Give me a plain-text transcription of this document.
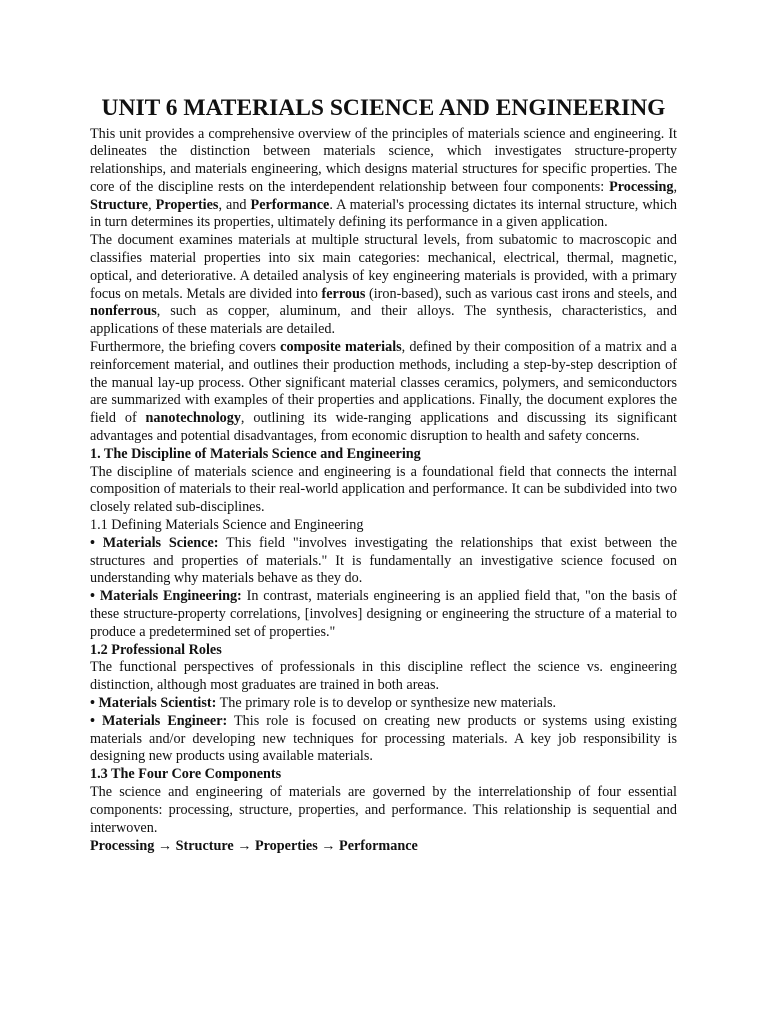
UNIT 6 MATERIALS SCIENCE AND ENGINEERING

This unit provides a comprehensive overview of the principles of materials science and engineering. It delineates the distinction between materials science, which investigates structure-property relationships, and materials engineering, which designs material structures for specific properties. The core of the discipline rests on the interdependent relationship between four components: Processing, Structure, Properties, and Performance. A material's processing dictates its internal structure, which in turn determines its properties, ultimately defining its performance in a given application.

The document examines materials at multiple structural levels, from subatomic to macroscopic and classifies material properties into six main categories: mechanical, electrical, thermal, magnetic, optical, and deteriorative. A detailed analysis of key engineering materials is provided, with a primary focus on metals. Metals are divided into ferrous (iron-based), such as various cast irons and steels, and nonferrous, such as copper, aluminum, and their alloys. The synthesis, characteristics, and applications of these materials are detailed.

Furthermore, the briefing covers composite materials, defined by their composition of a matrix and a reinforcement material, and outlines their production methods, including a step-by-step description of the manual lay-up process. Other significant material classes ceramics, polymers, and semiconductors are summarized with examples of their properties and applications. Finally, the document explores the field of nanotechnology, outlining its wide-ranging applications and discussing its significant advantages and potential disadvantages, from economic disruption to health and safety concerns.

1. The Discipline of Materials Science and Engineering

The discipline of materials science and engineering is a foundational field that connects the internal composition of materials to their real-world application and performance. It can be subdivided into two closely related sub-disciplines.

1.1 Defining Materials Science and Engineering

• Materials Science: This field "involves investigating the relationships that exist between the structures and properties of materials." It is fundamentally an investigative science focused on understanding why materials behave as they do.

• Materials Engineering: In contrast, materials engineering is an applied field that, "on the basis of these structure-property correlations, [involves] designing or engineering the structure of a material to produce a predetermined set of properties."

1.2 Professional Roles

The functional perspectives of professionals in this discipline reflect the science vs. engineering distinction, although most graduates are trained in both areas.

• Materials Scientist: The primary role is to develop or synthesize new materials.

• Materials Engineer: This role is focused on creating new products or systems using existing materials and/or developing new techniques for processing materials. A key job responsibility is designing new products using available materials.

1.3 The Four Core Components

The science and engineering of materials are governed by the interrelationship of four essential components: processing, structure, properties, and performance. This relationship is sequential and interwoven.

Processing → Structure → Properties → Performance
